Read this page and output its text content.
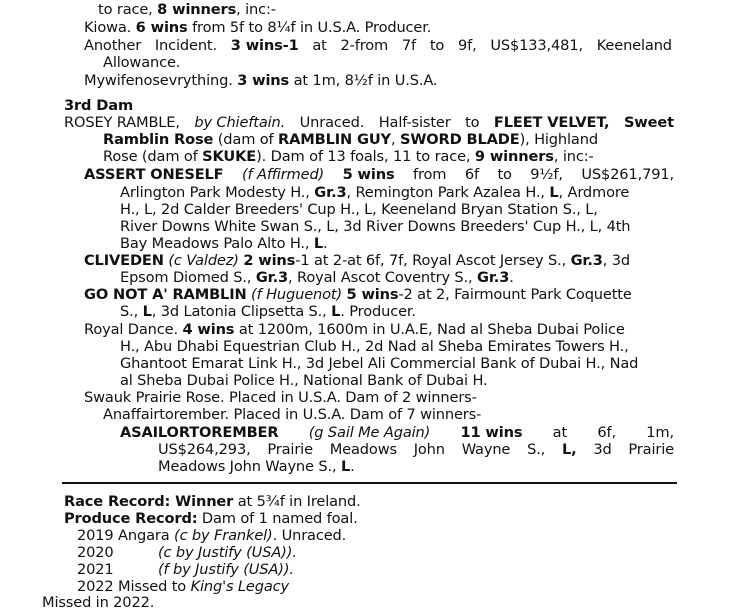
to race, 8 winners, inc:-
Kiowa. 6 wins from 5f to 8¼f in U.S.A. Producer.
Another Incident. 3 wins-1 at 2-from 7f to 9f, US$133,481, Keeneland
Allowance.
Mywifenosevrything. 3 wins at 1m, 8½f in U.S.A.
3rd Dam
ROSEY RAMBLE, by Chieftain. Unraced. Half-sister to FLEET VELVET, Sweet
Ramblin Rose (dam of RAMBLIN GUY, SWORD BLADE), Highland
Rose (dam of SKUKE). Dam of 13 foals, 11 to race, 9 winners, inc:-
ASSERT ONESELF (f Affirmed) 5 wins from 6f to 9½f, US$261,791,
Arlington Park Modesty H., Gr.3, Remington Park Azalea H., L, Ardmore
H., L, 2d Calder Breeders' Cup H., L, Keeneland Bryan Station S., L,
River Downs White Swan S., L, 3d River Downs Breeders' Cup H., L, 4th
Bay Meadows Palo Alto H., L.
CLIVEDEN (c Valdez) 2 wins-1 at 2-at 6f, 7f, Royal Ascot Jersey S., Gr.3, 3d
Epsom Diomed S., Gr.3, Royal Ascot Coventry S., Gr.3.
GO NOT A' RAMBLIN (f Huguenot) 5 wins-2 at 2, Fairmount Park Coquette
S., L, 3d Latonia Clipsetta S., L. Producer.
Royal Dance. 4 wins at 1200m, 1600m in U.A.E, Nad al Sheba Dubai Police
H., Abu Dhabi Equestrian Club H., 2d Nad al Sheba Emirates Towers H.,
Ghantoot Emarat Link H., 3d Jebel Ali Commercial Bank of Dubai H., Nad
al Sheba Dubai Police H., National Bank of Dubai H.
Swauk Prairie Rose. Placed in U.S.A. Dam of 2 winners-
Anaffairtorember. Placed in U.S.A. Dam of 7 winners-
ASAILORTOREMBER (g Sail Me Again) 11 wins at 6f, 1m,
US$264,293, Prairie Meadows John Wayne S., L, 3d Prairie
Meadows John Wayne S., L.
Race Record: Winner at 5¾f in Ireland.
Produce Record: Dam of 1 named foal.
2019 Angara (c by Frankel). Unraced.
2020	(c by Justify (USA)).
2021	(f by Justify (USA)).
2022 Missed to King's Legacy
Missed in 2022.
